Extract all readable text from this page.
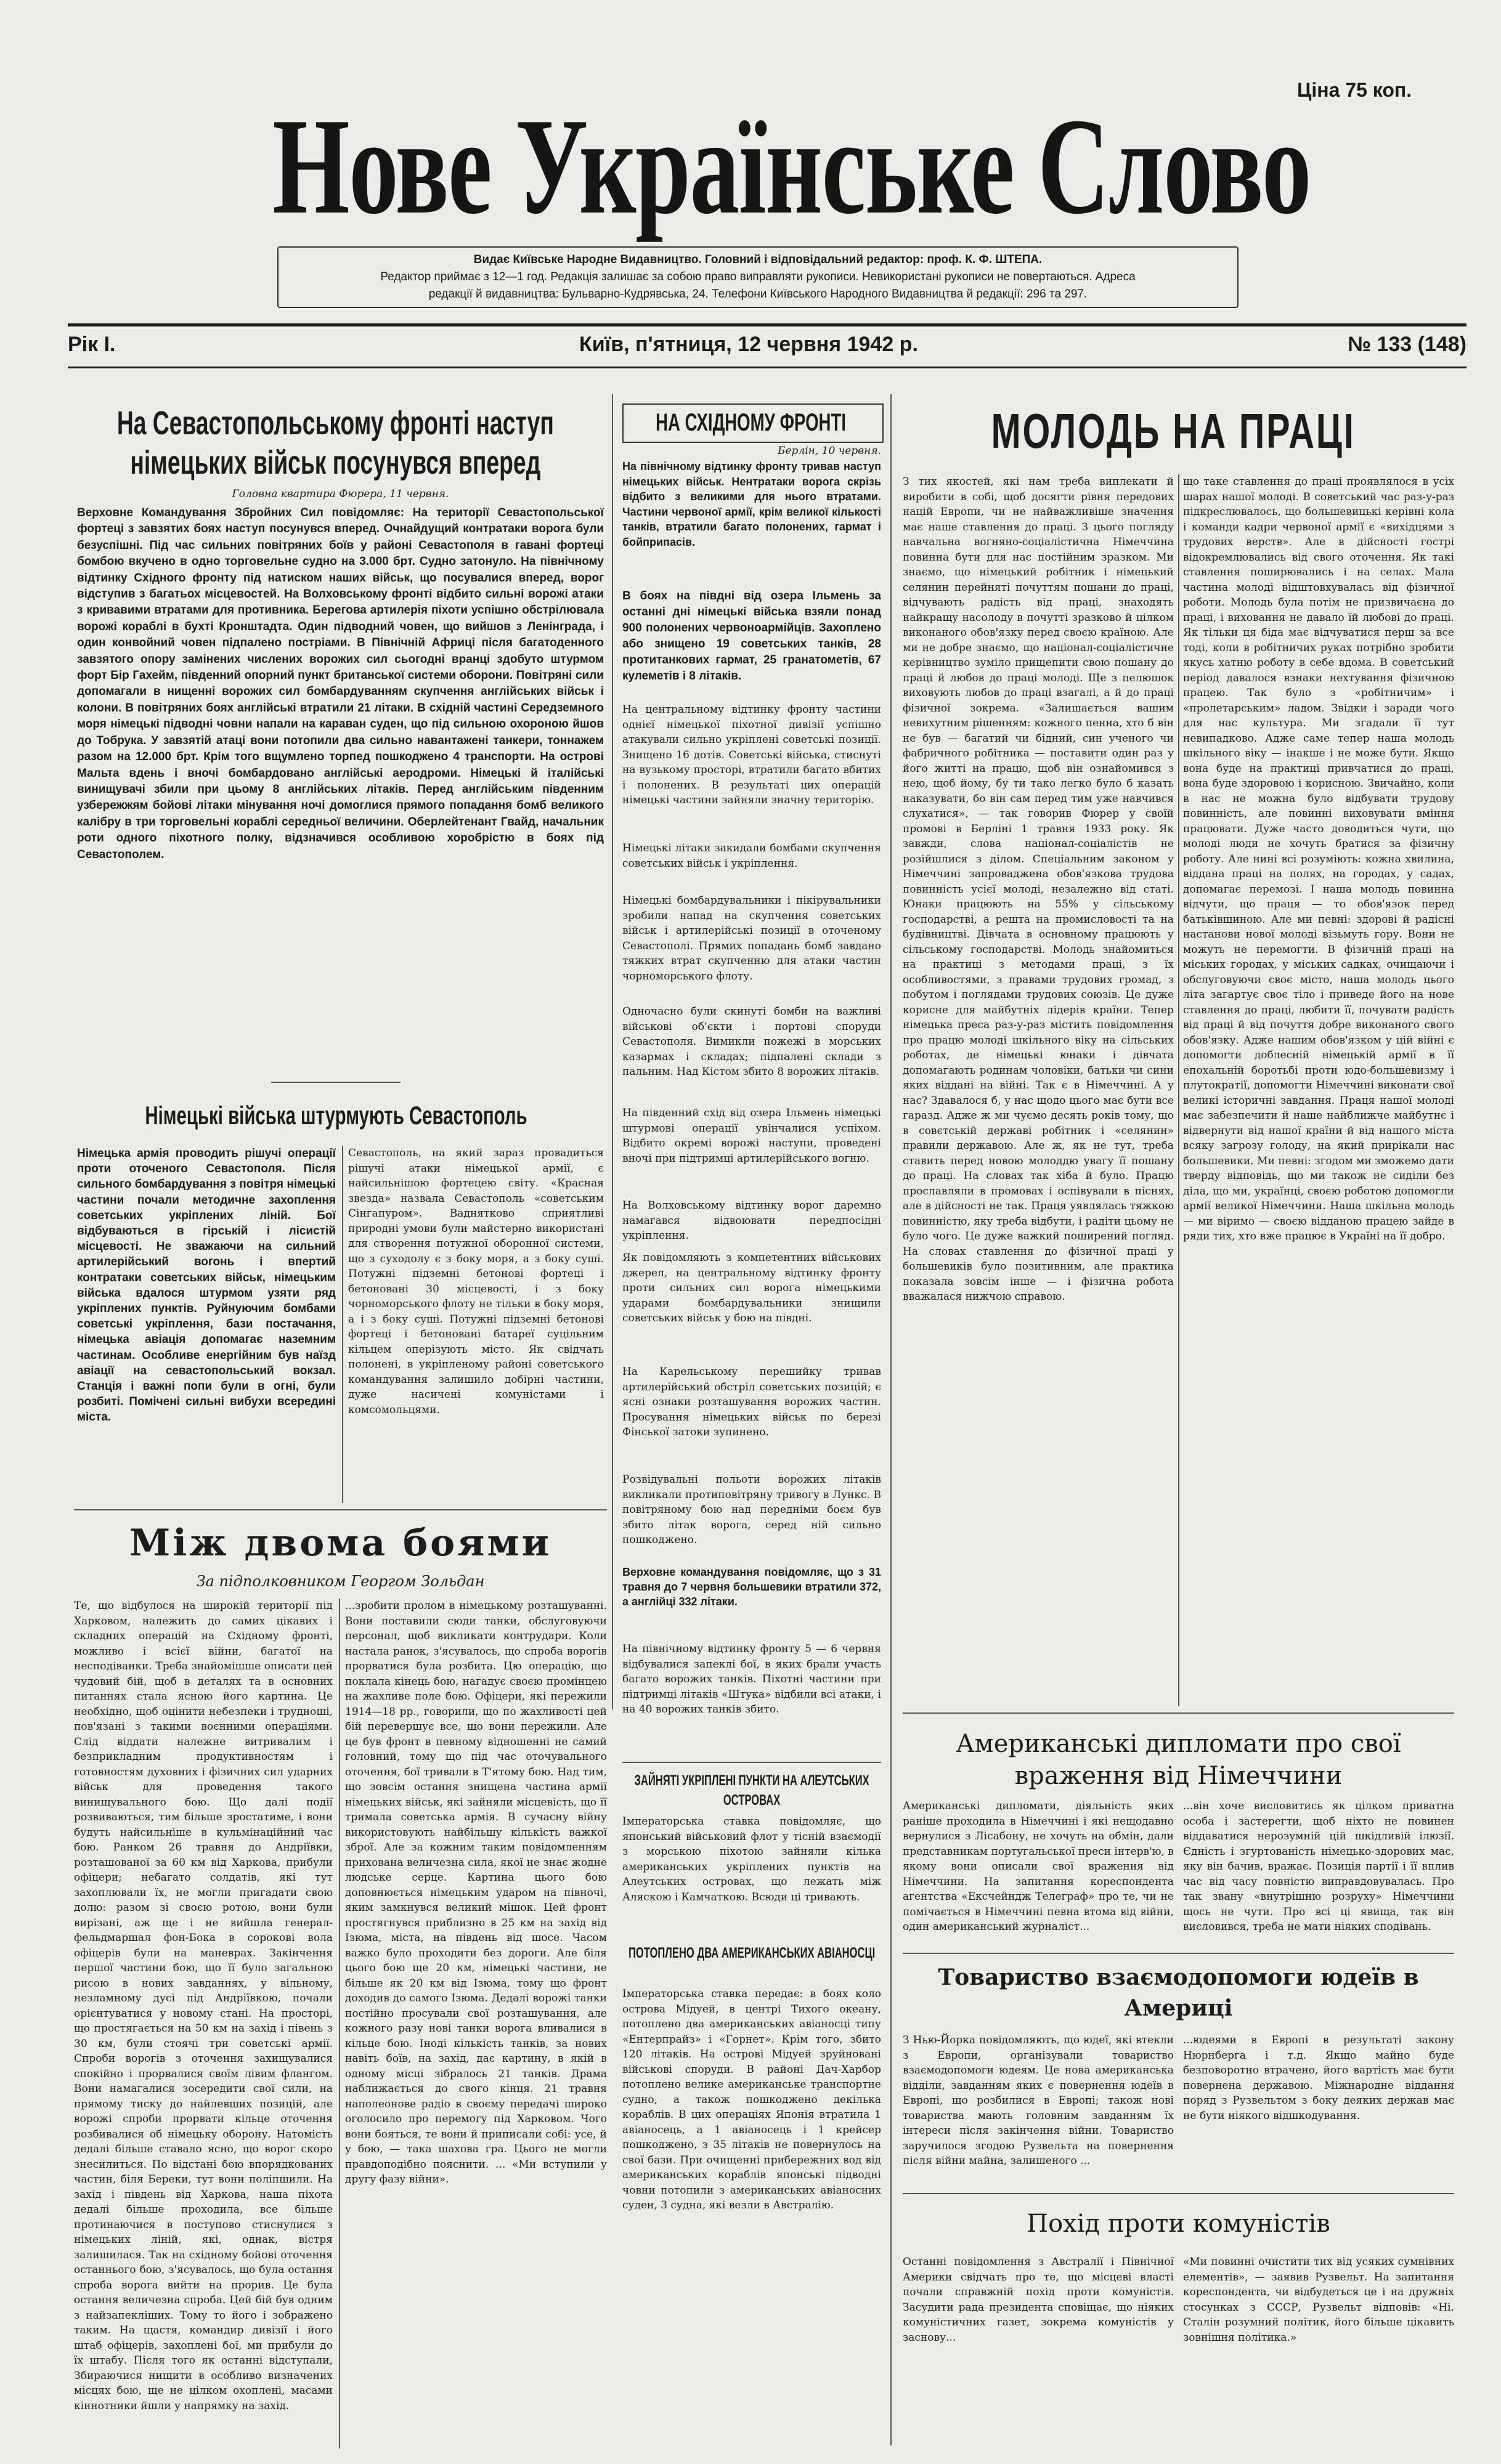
Ціна 75 коп.
Нове Українське Слово
Видає Київське Народне Видавництво. Головний і відповідальний редактор: проф. К. Ф. ШТЕПА.
Редактор приймає з 12—1 год. Редакція залишає за собою право виправляти рукописи. Невикористані рукописи не повертаються. Адреса
редакції й видавництва: Бульварно-Кудрявська, 24. Телефони Київського Народного Видавництва й редакції: 296 та 297.
Рік І.	Київ, п'ятниця, 12 червня 1942 р.	№ 133 (148)
На Севастопольському фронті наступ німецьких військ посунувся вперед
Головна квартира Фюрера, 11 червня.
Верховне Командування Збройних Сил повідомляє: На території Севастопольської фортеці з завзятих боях наступ посунувся вперед. Очнайдущий контратаки ворога були безуспішні. Під час сильних повітряних боїв у районі Севастополя в гавані фортеці бомбою вкучено в одно торговельне судно на 3.000 брт. Судно затонуло. На північному відтинку Східного фронту під натиском наших військ, що посувалися вперед, ворог відступив з багатьох місцевостей. На Волховському фронті відбито сильні ворожі атаки з кривавими втратами для противника. Берегова артилерія піхоти успішно обстрілювала ворожі кораблі в бухті Кронштадта. Один підводний човен, що вийшов з Ленінграда, і один конвойний човен підпалено постріами. В Північній Африці після багатоденного завзятого опору замінених числених ворожих сил сьогодні вранці здобуто штурмом форт Бір Гахейм, південний опорний пункт британської системи оборони. Повітряні сили допомагали в нищенні ворожих сил бомбардуванням скупчення англійських військ і колони. В повітряних боях англійські втратили 21 літаки. В східній частині Середземного моря німецькі підводні човни напали на караван суден, що під сильною охороною йшов до Тобрука. У завзятій атаці вони потопили два сильно навантажені танкери, тоннажем разом на 12.000 брт. Крім того вщумлено торпед пошкоджено 4 транспорти. На острові Мальта вдень і вночі бомбардовано англійські аеродроми. Німецькі й італійські винищувачі збили при цьому 8 англійських літаків. Перед англійським південним узбережжям бойові літаки мінування ночі домоглися прямого попадання бомб великого калібру в три торговельні кораблі середньої величини. Оберлейтенант Гвайд, начальник роти одного піхотного полку, відзначився особливою хоробрістю в боях під Севастополем.
Німецькі війська штурмують Севастополь
Німецька армія проводить рішучі операції проти оточеного Севастополя. Після сильного бомбардування з повітря німецькі частини почали методичне захоплення советських укріплених ліній. Бої відбуваються в гірській і лісистій місцевості. Не зважаючи на сильний артилерійський вогонь і впертий контратаки советських військ, німецьким війська вдалося штурмом узяти ряд укріплених пунктів. Руйнуючим бомбами советські укріплення, бази постачання, німецька авіація допомагає наземним частинам. Особливе енергійним був наїзд авіації на севастопольський вокзал. Станція і важні попи були в огні, були розбиті. Помічені сильні вибухи всередині міста.
Севастополь, на який зараз провадиться рішучі атаки німецької армії, є найсильнішою фортецею світу. «Красная звезда» назвала Севастополь «советським Сінгапуром». Ваднятково сприятливі природні умови були майстерно використані для створення потужної оборонної системи, що з суходолу є з боку моря, а з боку суші. Потужні підземні бетонові фортеці і бетоновані 30 місцевості, і з боку чорноморського флоту не тільки в боку моря, а і з боку суші. Потужні підземні бетонові фортеці і бетоновані батареї суцільним кільцем оперізують місто. Як свідчать полонені, в укріпленому районі советського командування залишило добірні частини, дуже насичені комуністами і комсомольцями.
Між двома боями
За підполковником Георгом Зольдан
Те, що відбулося на широкій території під Харковом, належить до самих цікавих і складних операцій на Східному фронті, можливо і всієї війни, багатої на несподіванки. Треба знайомішше описати цей чудовий бій, щоб в деталях та в основних питаннях стала ясною його картина. Це необхідно, щоб оцінити небезпеки і трудноші, пов'язані з такими воєнними операціями. Слід віддати належне витривалим і безприкладним продуктивностям і готовностям духовних і фізичних сил ударних військ для проведення такого винищувального бою. Що далі події розвиваються, тим більше зростатиме, і вони будуть найсильніше в кульмінаційний час бою. Ранком 26 травня до Андріївки, розташованої за 60 км від Харкова, прибули офіцери; небагато солдатів, які тут захоплювали їх, не могли пригадати свою долю: разом зі своєю ротою, вони були вирізані, аж ще і не вийшла генерал-фельдмаршал фон-Бока в сорокові вола офіцерів були на маневрах. Закінчення першої частини бою, що її було загальною рисою в нових завданнях, у вільному, незламному дусі під Андріївкою, почали орієнтуватися у новому стані. На просторі, що простягається на 50 км на захід і півень з 30 км, були стоячі три советські армії. Спроби ворогів з оточення захищувалися спокійно і прорвалися своїм лівим флангом. Вони намагалися зосередити свої сили, на прямому тиску до найлевших позицій, але ворожі спроби прорвати кільце оточення розбивалися об німецьку оборону. Натомість дедалі більше ставало ясно, що ворог скоро знесилиться. По відстані бою впорядкованих частин, біля Береки, тут вони поліпшили. На захід і південь від Харкова, наша піхота дедалі більше проходила, все більше протинаючися в поступово стиснулися з німецьких ліній, які, однак, вістря залишилася. Так на східному бойові оточення останнього бою, з'ясувалось, що була остання спроба ворога вийти на прорив. Це була остання величезна спроба. Цей бій був одним з найзапекліших. Тому то його і зображено таким. На щастя, командир дивізії і його штаб офіцерів, захоплені бої, ми прибули до їх штабу. Після того як останні відступали, Збираючися нищити в особливо визначених місцях бою, ще не цілком охоплені, масами кіннотники йшли у напрямку на захід.
...зробити пролом в німецькому розташуванні. Вони поставили сюди танки, обслуговуючи персонал, щоб викликати контрудари. Коли настала ранок, з'ясувалось, що спроба ворогів прорватися була розбита. Цю операцію, що поклала кінець бою, нагадує своєю промінцею на жахливе поле бою. Офіцери, які пережили 1914—18 рр., говорили, що по жахливості цей бій перевершує все, що вони пережили. Але це був фронт в певному відношенні не самий головний, тому що під час оточувального оточення, бої тривали в Т'ятому бою. Над тим, що зовсім остання знищена частина армії німецьких військ, які зайняли місцевість, що її тримала советська армія. В сучасну війну використовують найбільшу кількість важкої зброї. Але за кожним таким повідомленням прихована величезна сила, якої не знає жодне людське серце. Картина цього бою доповнюється німецьким ударом на півночі, яким замкнувся великий мішок. Цей фронт простягнувся приблизно в 25 км на захід від Ізюма, міста, на південь від шосе. Часом важко було проходити без дороги. Але біля цього бою ще 20 км, німецькі частини, не більше як 20 км від Ізюма, тому що фронт доходив до самого Ізюма. Дедалі ворожі танки постійно просували свої розташування, але кожного разу нові танки ворога вливалися в кільце бою. Іноді кількість танків, за нових навіть боїв, на захід, дає картину, в якій в одному місці зібралось 21 танків. Драма наближається до свого кінця. 21 травня наполеонове радіо в своєму передачі широко оголосило про перемогу під Харковом. Чого вони бояться, те вони й приписали собі: усе, й у бою, — така шахова гра. Цього не могли правдоподібно пояснити. ... «Ми вступили у другу фазу війни».
НА СХІДНОМУ ФРОНТІ
Берлін, 10 червня.
На північному відтинку фронту тривав наступ німецьких військ. Нентратаки ворога скрізь відбито з великими для нього втратами. Частини червоної армії, крім великої кількості танків, втратили багато полонених, гармат і бойприпасів.
В боях на півдні від озера Ільмень за останні дні німецькі війська взяли понад 900 полонених червоноармійців. Захоплено або знищено 19 советських танків, 28 протитанкових гармат, 25 гранатометів, 67 кулеметів і 8 літаків.
На центральному відтинку фронту частини однієї німецької піхотної дивізії успішно атакували сильно укріплені советські позиції. Знищено 16 дотів. Советські війська, стиснуті на вузькому просторі, втратили багато вбитих і полонених. В результаті цих операцій німецькі частини зайняли значну територію.
Німецькі літаки закидали бомбами скупчення советських військ і укріплення.
Німецькі бомбардувальники і пікірувальники зробили напад на скупчення советських військ і артилерійські позиції в оточеному Севастополі. Прямих попадань бомб завдано тяжких втрат скупченню для атаки частин чорноморського флоту.
Одночасно були скинуті бомби на важливі військові об'єкти і портові споруди Севастополя. Вимикли пожежі в морських казармах і складах; підпалені склади з пальним. Над Кістом збито 8 ворожих літаків.
На південний схід від озера Ільмень німецькі штурмові операції увінчалися успіхом. Відбито окремі ворожі наступи, проведені вночі при підтримці артилерійського вогню.
На Волховському відтинку ворог даремно намагався відвоювати передпосідні укріплення.
Як повідомляють з компетентних військових джерел, на центральному відтинку фронту проти сильних сил ворога німецькими ударами бомбардувальники знищили советських військ у бою на півдні.
На Карельському перешийку тривав артилерійський обстріл советських позицій; є ясні ознаки розташування ворожих частин. Просування німецьких військ по березі Фінської затоки зупинено.
Розвідувальні польоти ворожих літаків викликали протиповітряну тривогу в Лункс. В повітряному бою над передніми боєм був збито літак ворога, серед ній сильно пошкоджено.
Верховне командування повідомляє, що з 31 травня до 7 червня большевики втратили 372, а англійці 332 літаки.
На північному відтинку фронту 5 — 6 червня відбувалися запеклі бої, в яких брали участь багато ворожих танків. Піхотні частини при підтримці літаків «Штука» відбили всі атаки, і на 40 ворожих танків збито.
ЗАЙНЯТІ УКРІПЛЕНІ ПУНКТИ НА АЛЕУТСЬКИХ ОСТРОВАХ
Імператорська ставка повідомляє, що японський військовий флот у тісній взаємодії з морською піхотою зайняли кілька американських укріплених пунктів на Алеутських островах, що лежать між Аляскою і Камчаткою. Всюди ці тривають.
ПОТОПЛЕНО ДВА АМЕРИКАНСЬКИХ АВІАНОСЦІ
Імператорська ставка передає: в боях коло острова Мідуей, в центрі Тихого океану, потоплено два американських авіаносці типу «Ентерпрайз» і «Горнет». Крім того, збито 120 літаків. На острові Мідуей зруйновані військові споруди. В районі Дач-Харбор потоплено велике американське транспортне судно, а також пошкоджено декілька кораблів. В цих операціях Японія втратила 1 авіаносець, а 1 авіаносець і 1 крейсер пошкоджено, з 35 літаків не повернулось на свої бази. При очищенні прибережних вод від американських кораблів японські підводні човни потопили з американських авіаносних суден, 3 судна, які везли в Австралію.
МОЛОДЬ НА ПРАЦІ
З тих якостей, які нам треба виплекати й виробити в собі, щоб досягти рівня передових націй Европи, чи не найважливіше значення має наше ставлення до праці. З цього погляду навчальна вогняно-соціалістична Німеччина повинна бути для нас постійним зразком. Ми знаємо, що німецький робітник і німецький селянин перейняті почуттям пошани до праці, відчувають радість від праці, знаходять найкращу насолоду в почутті зразково й цілком виконаного обов'язку перед своєю країною. Але ми не добре знаємо, що націонал-соціалістичне керівництво зуміло прищепити свою пошану до праці й любов до праці молоді. Ще з пелюшок виховують любов до праці взагалі, а й до праці фізичної зокрема. «Залишається вашим невихутним рішенням: кожного пенна, хто б він не був — багатий чи бідний, син ученого чи фабричного робітника — поставити один раз у його житті на працю, щоб він ознайомився з нею, щоб йому, бу ти тако легко було б казать наказувати, бо він сам перед тим уже навчився слухатися», — так говорив Фюрер у своїй промові в Берліні 1 травня 1933 року. Як завжди, слова націонал-соціалістів не розійшлися з ділом. Спеціальним законом у Німеччині запроваджена обов'язкова трудова повинність усієї молоді, незалежно від статі. Юнаки працюють на 55% у сільському господарстві, а решта на промисловості та на будівництві. Дівчата в основному працюють у сільському господарстві. Молодь знайомиться на практиці з методами праці, з їх особливостями, з правами трудових громад, з побутом і поглядами трудових союзів. Це дуже корисне для майбутніх лідерів країни. Тепер німецька преса раз-у-раз містить повідомлення про працю молоді шкільного віку на сільських роботах, де німецькі юнаки і дівчата допомагають родинам чоловіки, батьки чи сини яких віддані на війні. Так є в Німеччині. А у нас? Здавалося б, у нас щодо цього має бути все гаразд. Адже ж ми чуємо десять років тому, що в совєтській державі робітник і «селянин» правили державою. Але ж, як не тут, треба ставить перед новою молоддю увагу її пошану до праці. На словах так хіба й було. Працю прославляли в промовах і оспівували в піснях, але в дійсності не так. Праця уявлялась тяжкою повинністю, яку треба відбути, і радіти цьому не було чого. Це дуже важкий поширений погляд. На словах ставлення до фізичної праці у большевиків було позитивним, але практика показала зовсім інше — і фізична робота вважалася нижчою справою.
що таке ставлення до праці проявлялося в усіх шарах нашої молоді. В советський час раз-у-раз підкреслювалось, що большевицькі керівні кола і команди кадри червоної армії є «вихідцями з трудових верств». Але в дійсності гострі відокремлювались від свого оточення. Як такі ставлення поширювались і на селах. Мала частина молоді відштовхувалась від фізичної роботи. Молодь була потім не призвичаєна до праці, і виховання не давало їй любові до праці. Як тільки ця біда має відчуватися перш за все тоді, коли в робітничих руках потрібно зробити якусь хатню роботу в себе вдома. В советський період давалося взнаки нехтування фізичною працею. Так було з «робітничим» і «пролетарським» ладом. Звідки і заради чого для нас культура. Ми згадали її тут невипадково. Адже саме тепер наша молодь шкільного віку — інакше і не може бути. Якщо вона буде на практиці привчатися до праці, вона буде здоровою і корисною. Звичайно, коли в нас не можна було відбувати трудову повинність, але повинні виховувати вміння працювати. Дуже часто доводиться чути, що молоді люди не хочуть братися за фізичну роботу. Але нині всі розуміють: кожна хвилина, віддана праці на полях, на городах, у садах, допомагає перемозі. І наша молодь повинна відчути, що праця — то обов'язок перед батьківщиною. Але ми певні: здорові й радісні настанови нової молоді візьмуть гору. Вони не можуть не перемогти. В фізичній праці на міських городах, у міських садках, очищаючи і обслуговуючи своє місто, наша молодь цього літа загартує своє тіло і приведе його на нове ставлення до праці, любити її, почувати радість від праці й від почуття добре виконаного свого обов'язку. Адже нашим обов'язком у цій війні є допомогти доблесній німецькій армії в її епохальній боротьбі проти юдо-большевизму і плутократії, допомогти Німеччині виконати свої великі історичні завдання. Праця нашої молоді має забезпечити й наше найближче майбутнє і відвернути від нашої країни й від нашого міста всяку загрозу голоду, на який прирікали нас большевики. Ми певні: згодом ми зможемо дати тверду відповідь, що ми також не сиділи без діла, що ми, українці, своєю роботою допомогли армії великої Німеччини. Наша шкільна молодь — ми віримо — своєю відданою працею зайде в ряди тих, хто вже працює в Україні на її добро.
Американські дипломати про свої враження від Німеччини
Американські дипломати, діяльність яких раніше проходила в Німеччині і які нещодавно вернулися з Лісабону, не хочуть на обмін, дали представникам португальської преси інтерв'ю, в якому вони описали свої враження від Німеччини. На запитання кореспондента агентства «Ексчейндж Телеграф» про те, чи не помічається в Німеччині певна втома від війни, один американський журналіст...
...він хоче висловитись як цілком приватна особа і застерегти, щоб ніхто не повинен віддаватися нерозумній цій шкідливій ілюзії. Єдність і згуртованість німецько-здорових мас, яку він бачив, вражає. Позиція партії і її вплив час від часу повністю виправдовувалась. Про так звану «внутрішню розруху» Німеччини щось не чути. Про всі ці явища, так він висловився, треба не мати ніяких сподівань.
Товариство взаємодопомоги юдеїв в Америці
З Нью-Йорка повідомляють, що юдеї, які втекли з Европи, організували товариство взаємодопомоги юдеям. Це нова американська відділи, завданням яких є повернення юдеїв в Европі, що розбилися в Европі; також нові товариства мають головним завданням їх інтереси після закінчення війни. Товариство заручилося згодою Рузвельта на повернення після війни майна, залишеного ...
...юдеями в Европі в результаті закону Нюрнберга і т.д. Якщо майно буде безповоротно втрачено, його вартість має бути повернена державою. Міжнародне віддання поряд з Рузвельтом з боку деяких держав має не бути ніякого відшкодування.
Похід проти комуністів
Останні повідомлення з Австралії і Північної Америки свідчать про те, що місцеві власті почали справжній похід проти комуністів. Засудити рада президента сповіщає, що ніяких комуністичних газет, зокрема комуністів у заснову...
«Ми повинні очистити тих від усяких сумнівних елементів», — заявив Рузвельт. На запитання кореспондента, чи відбудеться це і на дружніх стосунках з СССР, Рузвельт відповів: «Ні. Сталін розумний політик, його більше цікавить зовнішня політика.»
